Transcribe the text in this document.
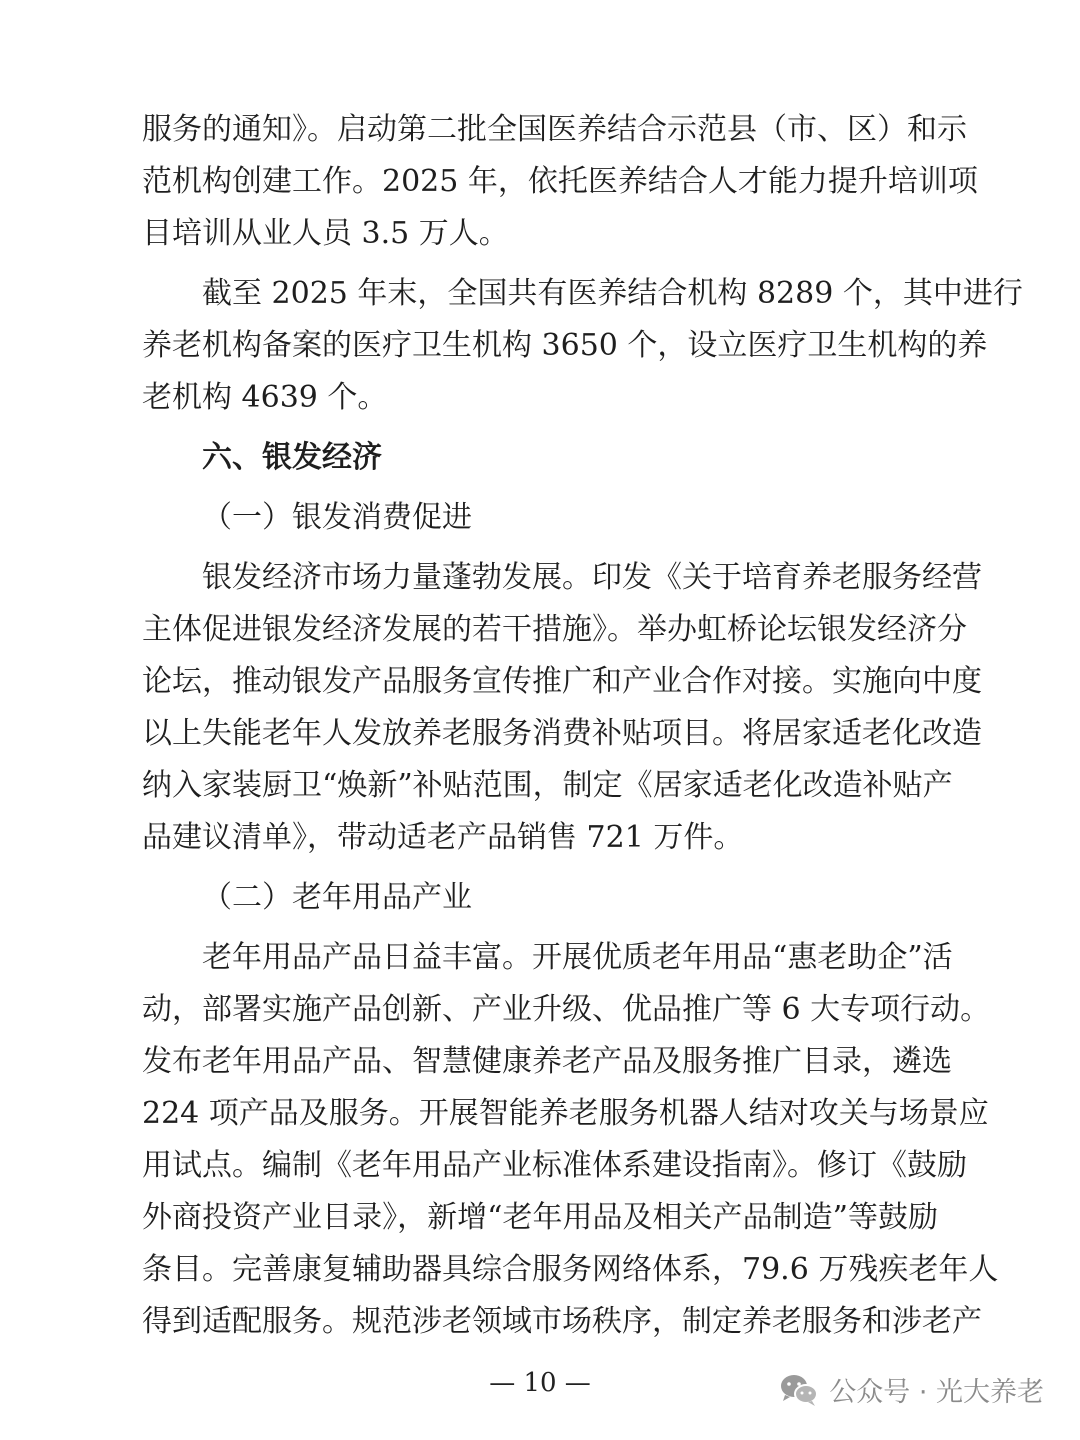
服务的通知》。启动第二批全国医养结合示范县（市、区）和示
范机构创建工作。2025 年，依托医养结合人才能力提升培训项
目培训从业人员 3.5 万人。
截至 2025 年末，全国共有医养结合机构 8289 个，其中进行
养老机构备案的医疗卫生机构 3650 个，设立医疗卫生机构的养
老机构 4639 个。
六、银发经济
（一）银发消费促进
银发经济市场力量蓬勃发展。印发《关于培育养老服务经营
主体促进银发经济发展的若干措施》。举办虹桥论坛银发经济分
论坛，推动银发产品服务宣传推广和产业合作对接。实施向中度
以上失能老年人发放养老服务消费补贴项目。将居家适老化改造
纳入家装厨卫“焕新”补贴范围，制定《居家适老化改造补贴产
品建议清单》，带动适老产品销售 721 万件。
（二）老年用品产业
老年用品产品日益丰富。开展优质老年用品“惠老助企”活
动，部署实施产品创新、产业升级、优品推广等 6 大专项行动。
发布老年用品产品、智慧健康养老产品及服务推广目录，遴选
224 项产品及服务。开展智能养老服务机器人结对攻关与场景应
用试点。编制《老年用品产业标准体系建设指南》。修订《鼓励
外商投资产业目录》，新增“老年用品及相关产品制造”等鼓励
条目。完善康复辅助器具综合服务网络体系，79.6 万残疾老年人
得到适配服务。规范涉老领域市场秩序，制定养老服务和涉老产
— 10 —	公众号 · 光大养老
